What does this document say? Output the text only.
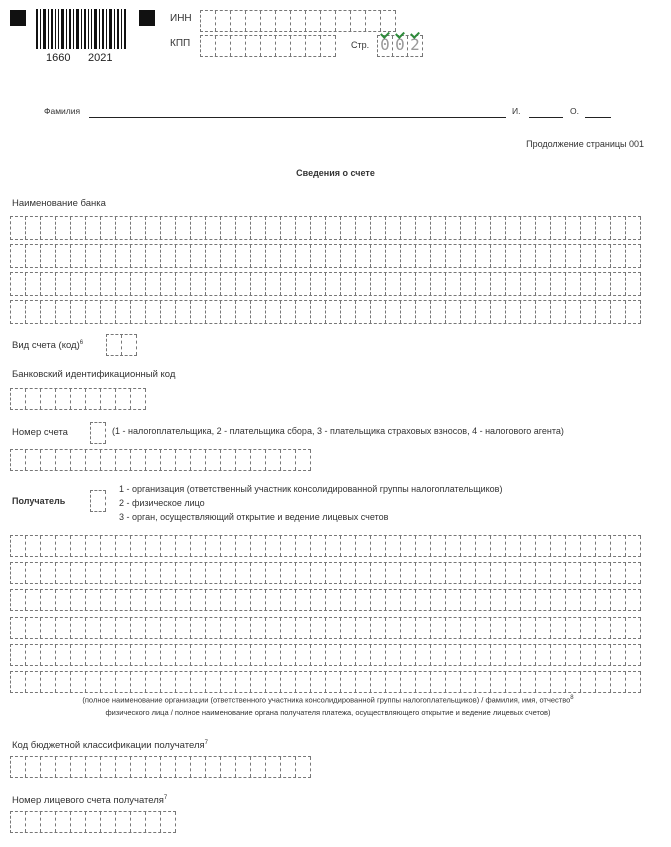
1660 2021
ИНН
КПП	Стр. 0 0 2
Фамилия	И.	О.
Продолжение страницы 001
Сведения о счете
Наименование банка
Вид счета (код)$^6$
Банковский идентификационный код
Номер счета	(1 - налогоплательщика, 2 - плательщика сбора, 3 - плательщика страховых взносов, 4 - налогового агента)
Получатель
1 - организация (ответственный участник консолидированной группы налогоплательщиков)
2 - физическое лицо
3 - орган, осуществляющий открытие и ведение лицевых счетов
(полное наименование организации (ответственного участника консолидированной группы налогоплательщиков) / фамилия, имя, отчество$^8$
физического лица / полное наименование органа получателя платежа, осуществляющего открытие и ведение лицевых счетов)
Код бюджетной классификации получателя$^7$
Номер лицевого счета получателя$^7$
